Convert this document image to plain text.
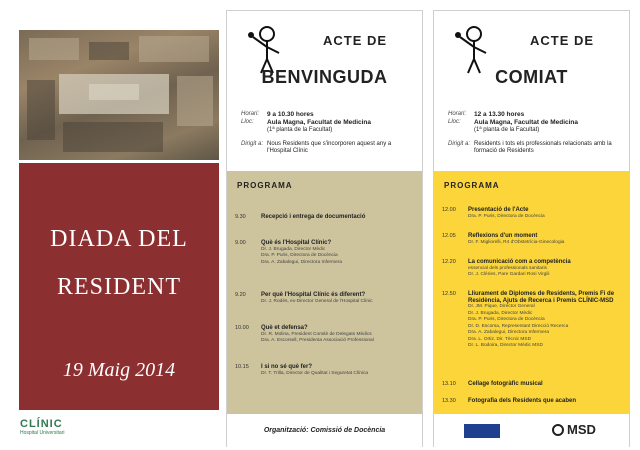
DIADA DEL
RESIDENT
19 Maig 2014
CLÍNIC
Hospital Universitari
ACTE DE
BENVINGUDA
Horari:	9 a 10.30 hores
Lloc:	Aula Magna, Facultat de Medicina
(1ª planta de la Facultat)
Dirigit a: Nous Residents que s'incorporen aquest any a l'Hospital Clínic
PROGRAMA
9.30	Recepció i entrega de documentació
9.00	Què és l'Hospital Clínic?
Dr. J. Brugada, Director Mèdic
Dra. P. Puris, Directora de Docència
Dra. A. Zabalegui, Directora Infermera
9.20	Per què l'Hospital Clínic és diferent?
Dr. J. Rodés, ex-Director General de l'Hospital Clínic
10.00	Què et defensa?
Dr. R. Molina, President Comitè de Delegats Mèdics
Dra. A. Escorsell, Presidenta Associació Professional
10.15	I si no sé què fer?
Dr. T. Trilla, Director de Qualitat i Seguretat Clínica
Organització: Comissió de Docència
ACTE DE
COMIAT
Horari:	12 a 13.30 hores
Lloc:	Aula Magna, Facultat de Medicina
(1ª planta de la Facultat)
Dirigit a: Residents i tots els professionals relacionats amb la formació de Residents
PROGRAMA
12.00	Presentació de l'Acte
Dra. P. Puris, Directora de Docència
12.05	Reflexions d'un moment
Dr. F. Migliorelli, R4 d'Obstetrícia-Ginecologia
12.20	La comunicació com a competència
essencial dels professionals sanitaris
Dr. J. Clèries, Pare Gardari Rosi Virgili
12.50	Lliurament de Diplomes de Residents, Premis Fi de Residència, Ajuts de Recerca i Premis CLÍNIC-MSD
Dr. JM. Pique, Director General
Dr. J. Brugada, Director Mèdic
Dra. P. Puris, Directora de Docència
Dr. D. Escorsa, Representant Direcció Recerca
Dra. A. Zabalegui, Directora Infermera
Dra. L. Ortiz, Dir. Tècnic MSD
Dr. L. Bodoira, Director Mèdic MSD
13.10	Cellage fotogràfic musical
13.30	Fotografia dels Residents que acaben
MSD
